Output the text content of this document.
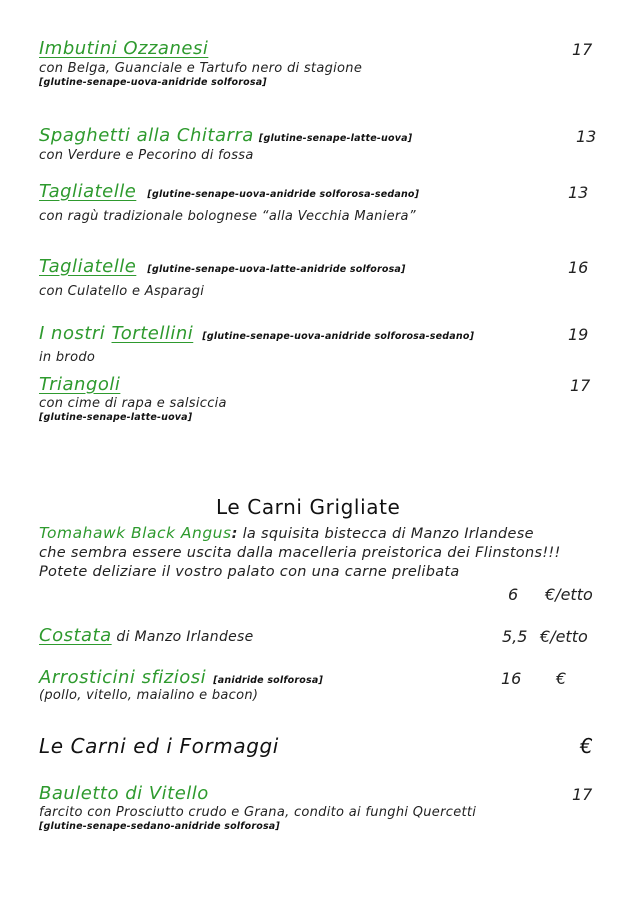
Imbutini Ozzanesi	17
con Belga, Guanciale e Tartufo nero di stagione
[glutine-senape-uova-anidride solforosa]
Spaghetti alla Chitarra [glutine-senape-latte-uova]	13
con Verdure e Pecorino di fossa
Tagliatelle [glutine-senape-uova-anidride solforosa-sedano]	13
con ragù tradizionale bolognese “alla Vecchia Maniera”
Tagliatelle [glutine-senape-uova-latte-anidride solforosa]	16
con Culatello e Asparagi
I nostri Tortellini [glutine-senape-uova-anidride solforosa-sedano]	19
in brodo
Triangoli	17
con cime di rapa e salsiccia
[glutine-senape-latte-uova]
Le Carni Grigliate
Tomahawk Black Angus: la squisita bistecca di Manzo Irlandese
che sembra essere uscita dalla macelleria preistorica dei Flinstons!!!
Potete deliziare il vostro palato con una carne prelibata
6 €/etto
Costata di Manzo Irlandese	5,5 €/etto
Arrosticini sfiziosi [anidride solforosa]	16 €
(pollo, vitello, maialino e bacon)
Le Carni ed i Formaggi	€
Bauletto di Vitello	17
farcito con Prosciutto crudo e Grana, condito ai funghi Quercetti
[glutine-senape-sedano-anidride solforosa]
